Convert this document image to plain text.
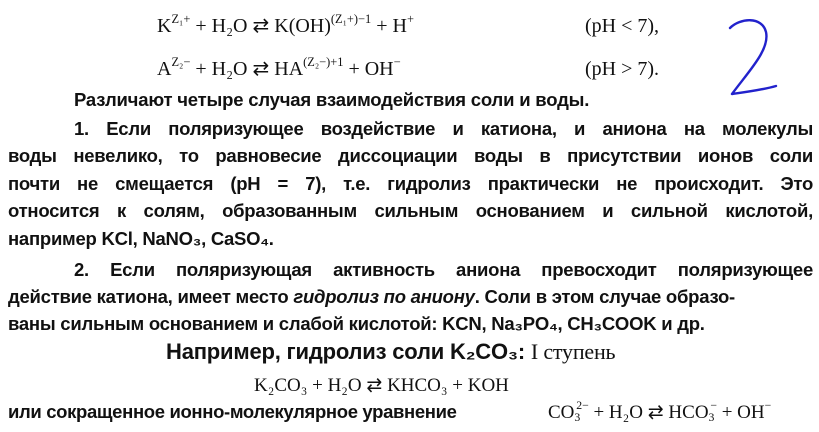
$K^{Z_1+} + H_2O$ ⇄ K(OH)$^{(Z_1+)-1}$ + H+	(pH < 7),
$A^{Z_2-} + H_2O$ ⇄ $HA^{(Z_2-)+1} + OH^-$	(pH > 7).
Различают четыре случая взаимодействия соли и воды.
1. Если поляризующее воздействие и катиона, и аниона на молекулы
воды невелико, то равновесие диссоциации воды в присутствии ионов соли
почти не смещается (pH = 7), т.е. гидролиз практически не происходит. Это
относится к солям, образованным сильным основанием и сильной кислотой,
например KCl, NaNO₃, CaSO₄.
2. Если поляризующая активность аниона превосходит поляризующее
действие катиона, имеет место гидролиз по аниону. Соли в этом случае образо-
ваны сильным основанием и слабой кислотой: KCN, Na₃PO₄, CH₃COOK и др.
Например, гидролиз соли K₂CO₃: I ступень
K₂CO₃ + H₂O ⇄ KHCO₃ + KOH
или сокращенное ионно-молекулярное уравнение	$CO_3^{2-} + H_2O$ ⇄ $HCO_3^- + OH^-$
